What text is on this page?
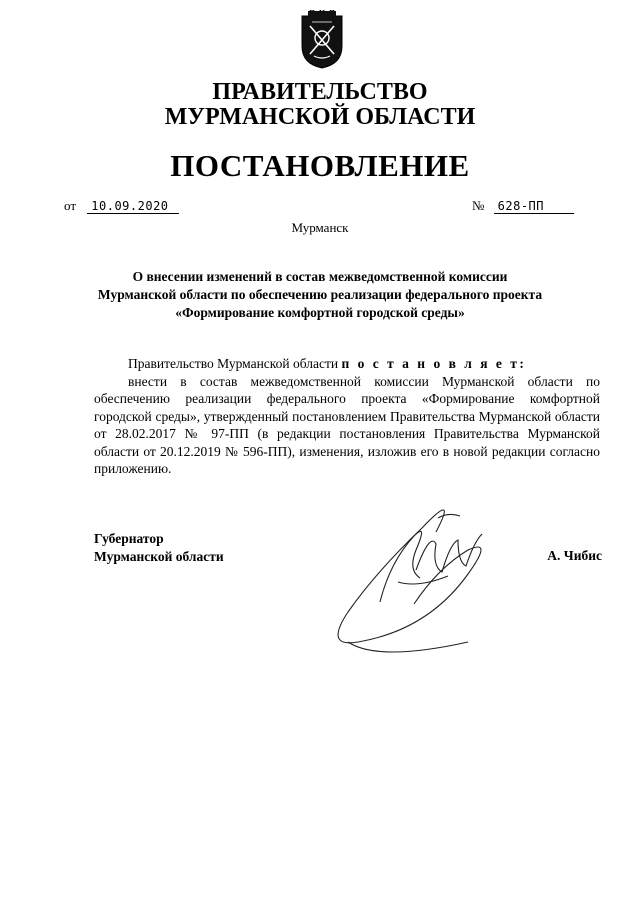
ПРАВИТЕЛЬСТВО
МУРМАНСКОЙ ОБЛАСТИ
ПОСТАНОВЛЕНИЕ
от 10.09.2020	№ 628-ПП
Мурманск
О внесении изменений в состав межведомственной комиссии
Мурманской области по обеспечению реализации федерального проекта
«Формирование комфортной городской среды»

Правительство Мурманской области п о с т а н о в л я е т:

внести в состав межведомственной комиссии Мурманской области по обеспечению реализации федерального проекта «Формирование комфортной городской среды», утвержденный постановлением Правительства Мурманской области от 28.02.2017 № 97-ПП (в редакции постановления Правительства Мурманской области от 20.12.2019 № 596-ПП), изменения, изложив его в новой редакции согласно приложению.

Губернатор
Мурманской области	А. Чибис
